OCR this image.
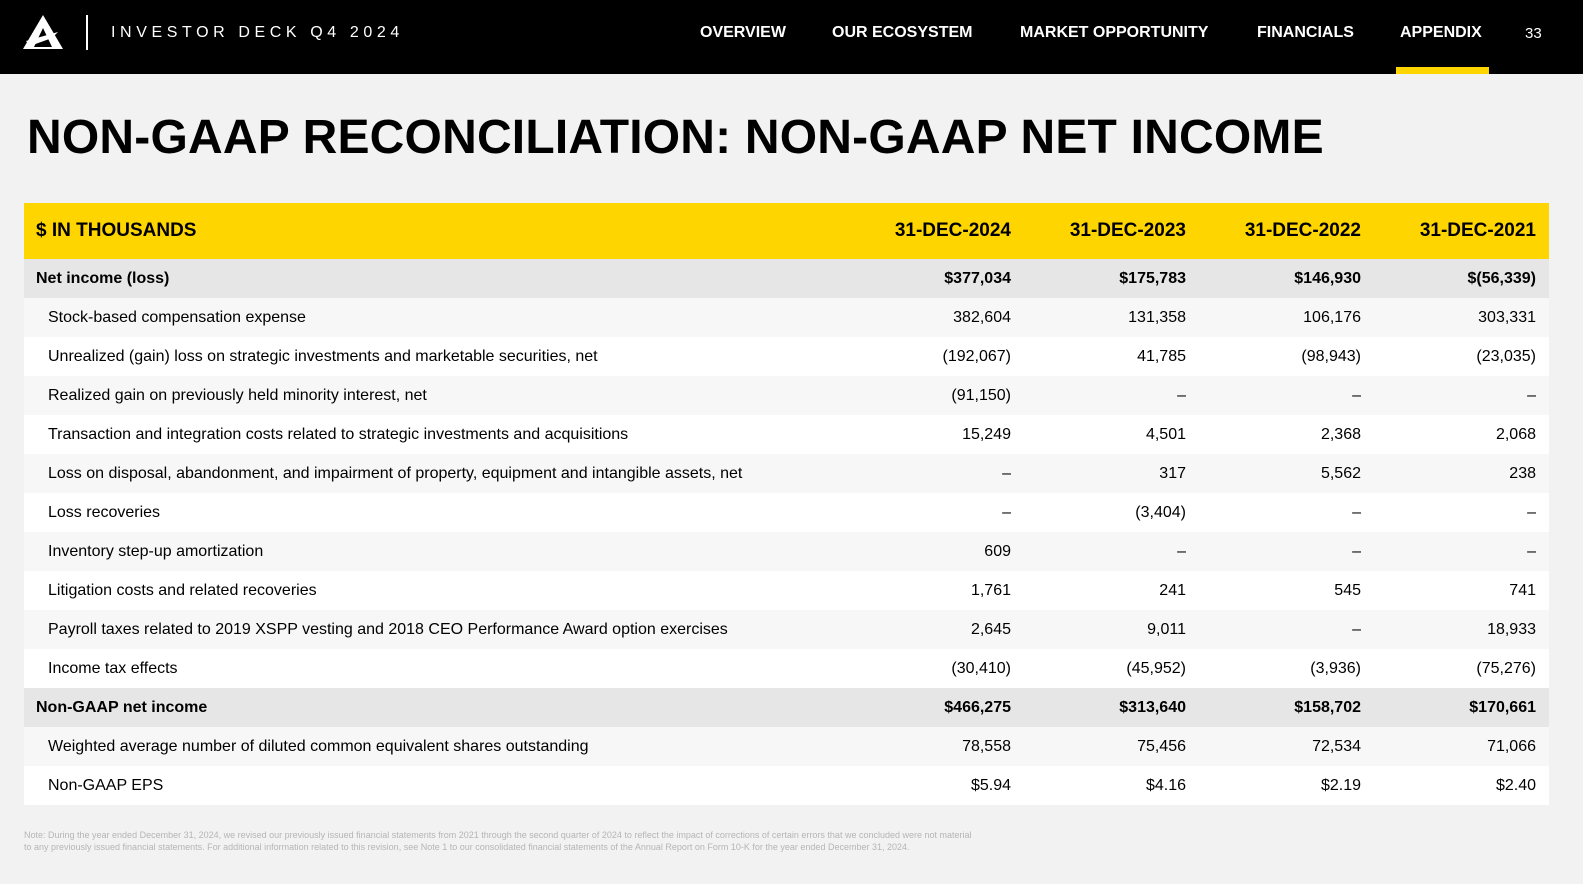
INVESTOR DECK Q4 2024	OVERVIEW	OUR ECOSYSTEM	MARKET OPPORTUNITY	FINANCIALS	APPENDIX	33
NON-GAAP RECONCILIATION: NON-GAAP NET INCOME
$ IN THOUSANDS	31-DEC-2024	31-DEC-2023	31-DEC-2022	31-DEC-2021
Net income (loss)	$377,034	$175,783	$146,930	$(56,339)
Stock-based compensation expense	382,604	131,358	106,176	303,331
Unrealized (gain) loss on strategic investments and marketable securities, net	(192,067)	41,785	(98,943)	(23,035)
Realized gain on previously held minority interest, net	(91,150)	–	–	–
Transaction and integration costs related to strategic investments and acquisitions	15,249	4,501	2,368	2,068
Loss on disposal, abandonment, and impairment of property, equipment and intangible assets, net	–	317	5,562	238
Loss recoveries	–	(3,404)	–	–
Inventory step-up amortization	609	–	–	–
Litigation costs and related recoveries	1,761	241	545	741
Payroll taxes related to 2019 XSPP vesting and 2018 CEO Performance Award option exercises	2,645	9,011	–	18,933
Income tax effects	(30,410)	(45,952)	(3,936)	(75,276)
Non-GAAP net income	$466,275	$313,640	$158,702	$170,661
Weighted average number of diluted common equivalent shares outstanding	78,558	75,456	72,534	71,066
Non-GAAP EPS	$5.94	$4.16	$2.19	$2.40
Note: During the year ended December 31, 2024, we revised our previously issued financial statements from 2021 through the second quarter of 2024 to reflect the impact of corrections of certain errors that we concluded were not material
to any previously issued financial statements. For additional information related to this revision, see Note 1 to our consolidated financial statements of the Annual Report on Form 10-K for the year ended December 31, 2024.
